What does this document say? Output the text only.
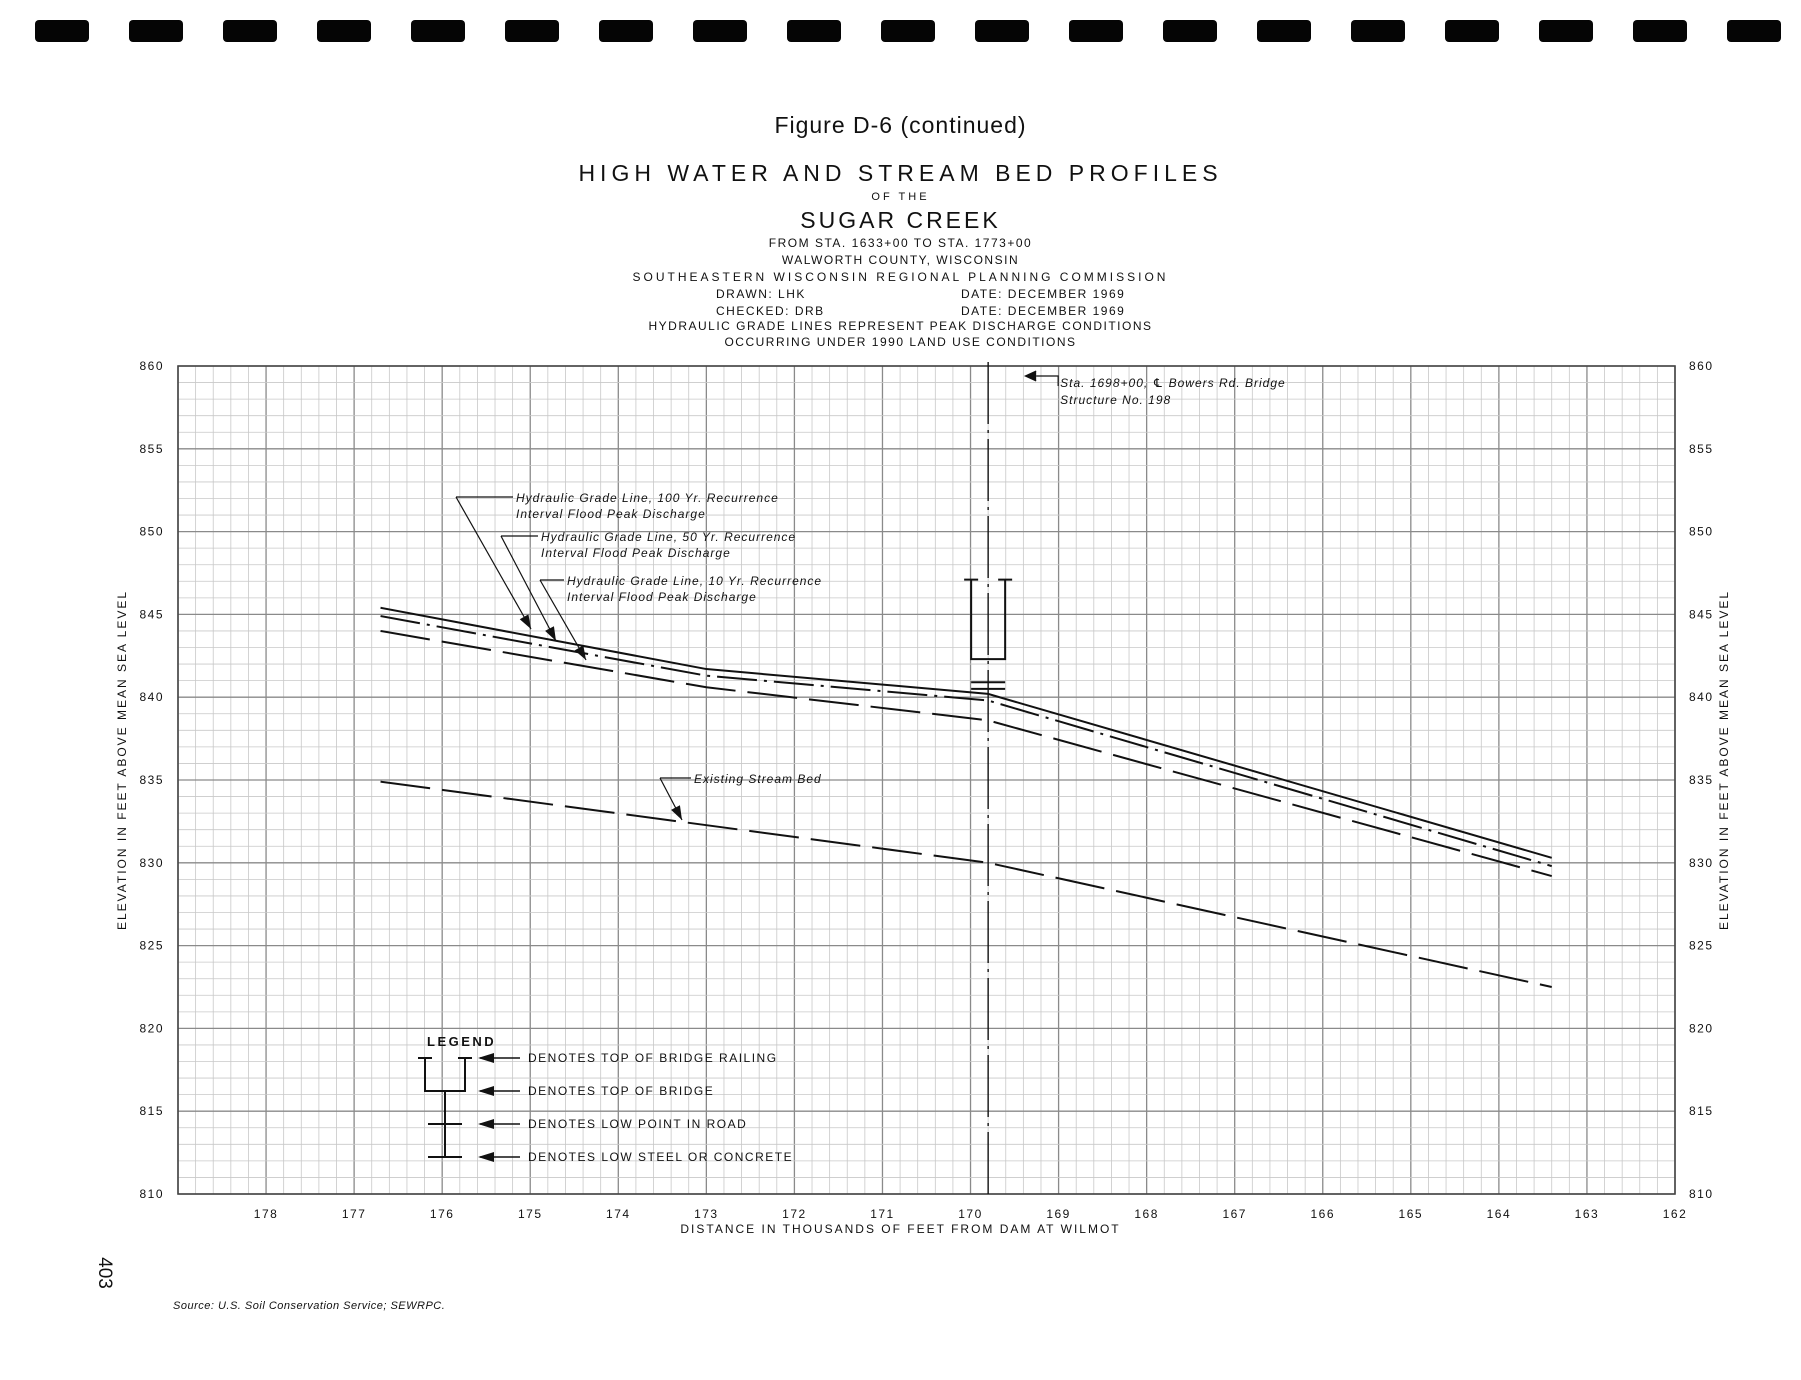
Figure D-6 (continued)
HIGH WATER AND STREAM BED PROFILES
OF THE
SUGAR CREEK
FROM STA. 1633+00 TO STA. 1773+00
WALWORTH COUNTY, WISCONSIN
SOUTHEASTERN WISCONSIN REGIONAL PLANNING COMMISSION
DRAWN: LHK	DATE: DECEMBER 1969
CHECKED: DRB	DATE: DECEMBER 1969
HYDRAULIC GRADE LINES REPRESENT PEAK DISCHARGE CONDITIONS
OCCURRING UNDER 1990 LAND USE CONDITIONS
810	810
815	815
820	820
825	825
830	830
835	835
840	840
845	845
850	850
855	855
860	860
178	177	176	175	174	173	172	171	170	169	168	167	166	165	164	163	162
Sta. 1698+00, ℄ Bowers Rd. Bridge
Structure No. 198
Hydraulic Grade Line, 100 Yr. Recurrence
Interval Flood Peak Discharge
Hydraulic Grade Line, 50 Yr. Recurrence
Interval Flood Peak Discharge
Hydraulic Grade Line, 10 Yr. Recurrence
Interval Flood Peak Discharge
Existing Stream Bed
LEGEND
DENOTES TOP OF BRIDGE RAILING
DENOTES TOP OF BRIDGE
DENOTES LOW POINT IN ROAD
DENOTES LOW STEEL OR CONCRETE
ELEVATION IN FEET ABOVE MEAN SEA LEVEL	ELEVATION IN FEET ABOVE MEAN SEA LEVEL
DISTANCE IN THOUSANDS OF FEET FROM DAM AT WILMOT
403
Source: U.S. Soil Conservation Service; SEWRPC.
